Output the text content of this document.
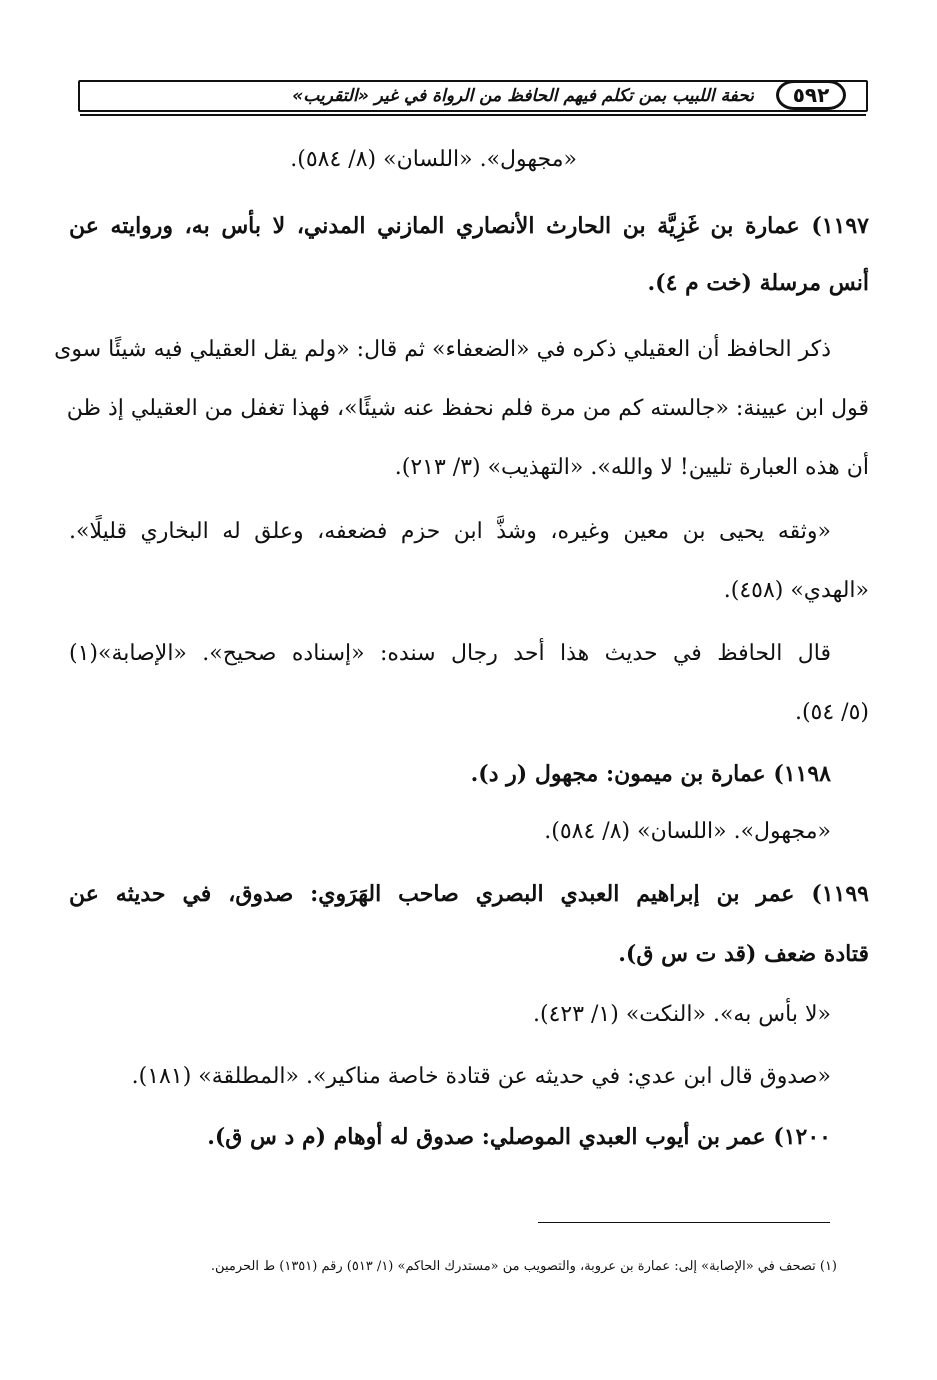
٥٩٢
تحفة اللبيب بمن تكلم فيهم الحافظ من الرواة في غير «التقريب»
«مجهول». «اللسان» (٨/ ٥٨٤).
١١٩٧) عمارة بن غَزِيَّة بن الحارث الأنصاري المازني المدني، لا بأس به، وروايته عن
أنس مرسلة (خت م ٤).
ذكر الحافظ أن العقيلي ذكره في «الضعفاء» ثم قال: «ولم يقل العقيلي فيه شيئًا سوى
قول ابن عيينة: «جالسته كم من مرة فلم نحفظ عنه شيئًا»، فهذا تغفل من العقيلي إذ ظن
أن هذه العبارة تليين! لا والله». «التهذيب» (٣/ ٢١٣).
«وثقه يحيى بن معين وغيره، وشذَّ ابن حزم فضعفه، وعلق له البخاري قليلًا».
«الهدي» (٤٥٨).
قال الحافظ في حديث هذا أحد رجال سنده: «إسناده صحيح». «الإصابة»(١)
(٥/ ٥٤).
١١٩٨) عمارة بن ميمون: مجهول (ر د).
«مجهول». «اللسان» (٨/ ٥٨٤).
١١٩٩) عمر بن إبراهيم العبدي البصري صاحب الهَرَوي: صدوق، في حديثه عن
قتادة ضعف (قد ت س ق).
«لا بأس به». «النكت» (١/ ٤٢٣).
«صدوق قال ابن عدي: في حديثه عن قتادة خاصة مناكير». «المطلقة» (١٨١).
١٢٠٠) عمر بن أيوب العبدي الموصلي: صدوق له أوهام (م د س ق).
(١) تصحف في «الإصابة» إلى: عمارة بن عروبة، والتصويب من «مستدرك الحاكم» (١/ ٥١٣) رقم (١٣٥١) ط الحرمين.
